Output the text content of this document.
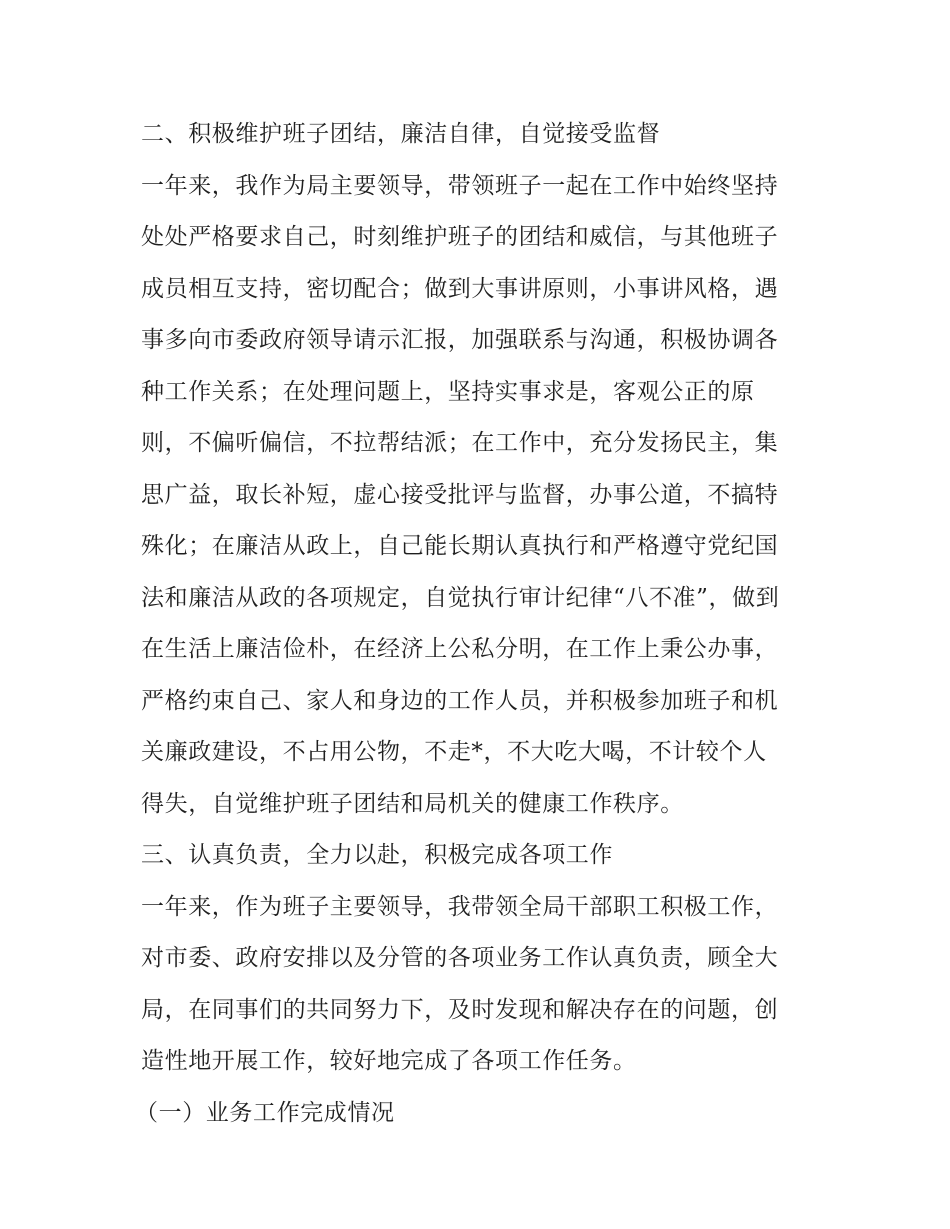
二、积极维护班子团结，廉洁自律，自觉接受监督
一年来，我作为局主要领导，带领班子一起在工作中始终坚持
处处严格要求自己，时刻维护班子的团结和威信，与其他班子
成员相互支持，密切配合；做到大事讲原则，小事讲风格，遇
事多向市委政府领导请示汇报，加强联系与沟通，积极协调各
种工作关系；在处理问题上，坚持实事求是，客观公正的原
则，不偏听偏信，不拉帮结派；在工作中，充分发扬民主，集
思广益，取长补短，虚心接受批评与监督，办事公道，不搞特
殊化；在廉洁从政上，自己能长期认真执行和严格遵守党纪国
法和廉洁从政的各项规定，自觉执行审计纪律“八不准”，做到
在生活上廉洁俭朴，在经济上公私分明，在工作上秉公办事，
严格约束自己、家人和身边的工作人员，并积极参加班子和机
关廉政建设，不占用公物，不走*，不大吃大喝，不计较个人
得失，自觉维护班子团结和局机关的健康工作秩序。
三、认真负责，全力以赴，积极完成各项工作
一年来，作为班子主要领导，我带领全局干部职工积极工作，
对市委、政府安排以及分管的各项业务工作认真负责，顾全大
局，在同事们的共同努力下，及时发现和解决存在的问题，创
造性地开展工作，较好地完成了各项工作任务。
（一）业务工作完成情况
